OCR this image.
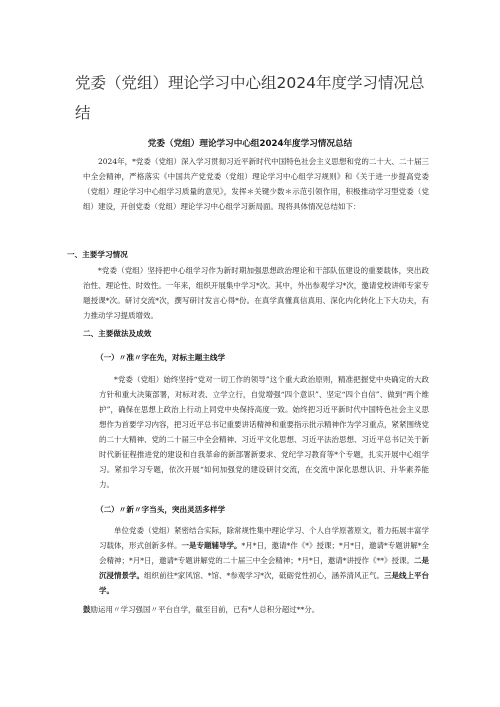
党委（党组）理论学习中心组2024年度学习情况总结
党委（党组）理论学习中心组2024年度学习情况总结

2024年，*党委（党组）深入学习贯彻习近平新时代中国特色社会主义思想和党的二十大、二十届三中全会精神，严格落实《中国共产党党委（党组）理论学习中心组学习规则》和《关于进一步提高党委（党组）理论学习中心组学习质量的意见》，发挥＊关键少数＊示范引领作用，积极推动学习型党委（党组）建设，开创党委（党组）理论学习中心组学习新局面。现将具体情况总结如下：

一、主要学习情况

*党委（党组）坚持把中心组学习作为新时期加强思想政治理论和干部队伍建设的重要载体，突出政治性、理论性、时效性。一年来，组织开展集中学习*次。其中，外出参观学习*次，邀请党校讲师专家专题授课*次。研讨交流*次，撰写研讨发言心得*份。在真学真懂真信真用、深化内化转化上下大功夫，有力推动学习提质增效。

二、主要做法及成效
（一）〃准〃字在先，对标主题主线学

*党委（党组）始终坚持“党对一切工作的领导”这个重大政治原则，精准把握党中央确定的大政方针和重大决策部署，对标对表、立学立行，自觉增强“四个意识”、坚定“四个自信”、做到“两个维护”，确保在思想上政治上行动上同党中央保持高度一致。始终把习近平新时代中国特色社会主义思想作为首要学习内容，把习近平总书记重要讲话精神和重要指示批示精神作为学习重点，紧紧围绕党的二十大精神、党的二十届三中全会精神、习近平文化思想、习近平法治思想、习近平总书记关于新时代新征程推进党的建设和自我革命的新部署新要求、党纪学习教育等*个专题，扎实开展中心组学习。紧扣学习专题，依次开展“如何加强党的建设研讨交流，在交流中深化思想认识、升华素养能力。

（二）〃新〃字当头，突出灵活多样学

单位党委（党组）紧密结合实际，除常规性集中理论学习、个人自学原著原文，着力拓展丰富学习载体，形式创新多样。一是专题辅导学。*月*日，邀请*作《*》授课；*月*日，邀请*专题讲解*全会精神；*月*日，邀请*专题讲解党的二十届三中全会精神；*月*日，邀请*讲授作《**》授课。二是沉浸情景学。组织前往*家风馆、*馆、*参观学习*次，砥砺党性初心，涵养清风正气。三是线上平台学。

鼓励运用〃学习强国〃平台自学，截至目前，已有*人总积分超过**分。
